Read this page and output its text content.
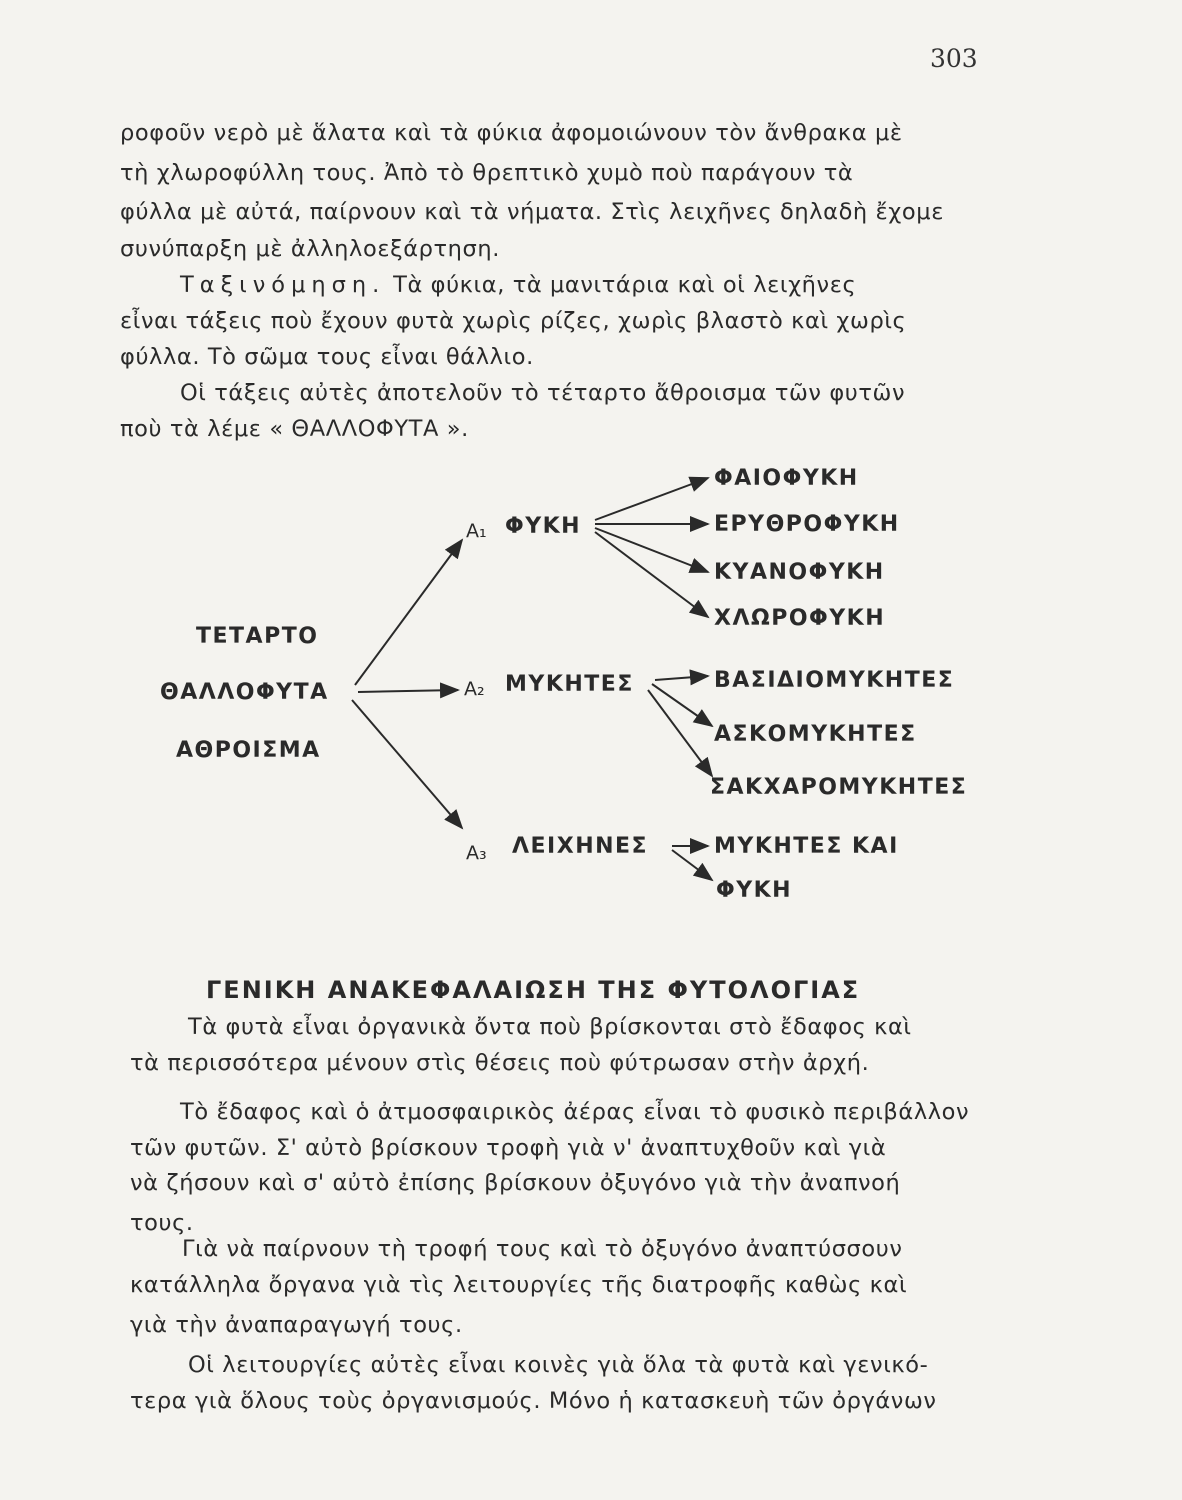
303
ροφοῦν νερὸ μὲ ἅλατα καὶ τὰ φύκια ἀφομοιώνουν τὸν ἄνθρακα μὲ
τὴ χλωροφύλλη τους. Ἀπὸ τὸ θρεπτικὸ χυμὸ ποὺ παράγουν τὰ
φύλλα μὲ αὐτά, παίρνουν καὶ τὰ νήματα. Στὶς λειχῆνες δηλαδὴ ἔχομε
συνύπαρξη μὲ ἀλληλοεξάρτηση.
Ταξινόμηση. Τὰ φύκια, τὰ μανιτάρια καὶ οἱ λειχῆνες
εἶναι τάξεις ποὺ ἔχουν φυτὰ χωρὶς ρίζες, χωρὶς βλαστὸ καὶ χωρὶς
φύλλα. Τὸ σῶμα τους εἶναι θάλλιο.
Οἱ τάξεις αὐτὲς ἀποτελοῦν τὸ τέταρτο ἄθροισμα τῶν φυτῶν
ποὺ τὰ λέμε « ΘΑΛΛΟΦΥΤΑ ».
ΤΕΤΑΡΤΟ
ΘΑΛΛΟΦΥΤΑ
ΑΘΡΟΙΣΜΑ
Α₁ ΦΥΚΗ
ΦΑΙΟΦΥΚΗ
ΕΡΥΘΡΟΦΥΚΗ
ΚΥΑΝΟΦΥΚΗ
ΧΛΩΡΟΦΥΚΗ
Α₂ ΜΥΚΗΤΕΣ	ΒΑΣΙΔΙΟΜΥΚΗΤΕΣ
ΑΣΚΟΜΥΚΗΤΕΣ
ΣΑΚΧΑΡΟΜΥΚΗΤΕΣ
Α₃ ΛΕΙΧΗΝΕΣ	ΜΥΚΗΤΕΣ ΚΑΙ
ΦΥΚΗ
ΓΕΝΙΚΗ ΑΝΑΚΕΦΑΛΑΙΩΣΗ ΤΗΣ ΦΥΤΟΛΟΓΙΑΣ
Τὰ φυτὰ εἶναι ὀργανικὰ ὄντα ποὺ βρίσκονται στὸ ἔδαφος καὶ
τὰ περισσότερα μένουν στὶς θέσεις ποὺ φύτρωσαν στὴν ἀρχή.
Τὸ ἔδαφος καὶ ὁ ἀτμοσφαιρικὸς ἀέρας εἶναι τὸ φυσικὸ περιβάλλον
τῶν φυτῶν. Σ' αὐτὸ βρίσκουν τροφὴ γιὰ ν' ἀναπτυχθοῦν καὶ γιὰ
νὰ ζήσουν καὶ σ' αὐτὸ ἐπίσης βρίσκουν ὀξυγόνο γιὰ τὴν ἀναπνοή
τους.
Γιὰ νὰ παίρνουν τὴ τροφή τους καὶ τὸ ὀξυγόνο ἀναπτύσσουν
κατάλληλα ὄργανα γιὰ τὶς λειτουργίες τῆς διατροφῆς καθὼς καὶ
γιὰ τὴν ἀναπαραγωγή τους.
Οἱ λειτουργίες αὐτὲς εἶναι κοινὲς γιὰ ὅλα τὰ φυτὰ καὶ γενικό-
τερα γιὰ ὅλους τοὺς ὀργανισμούς. Μόνο ἡ κατασκευὴ τῶν ὀργάνων
